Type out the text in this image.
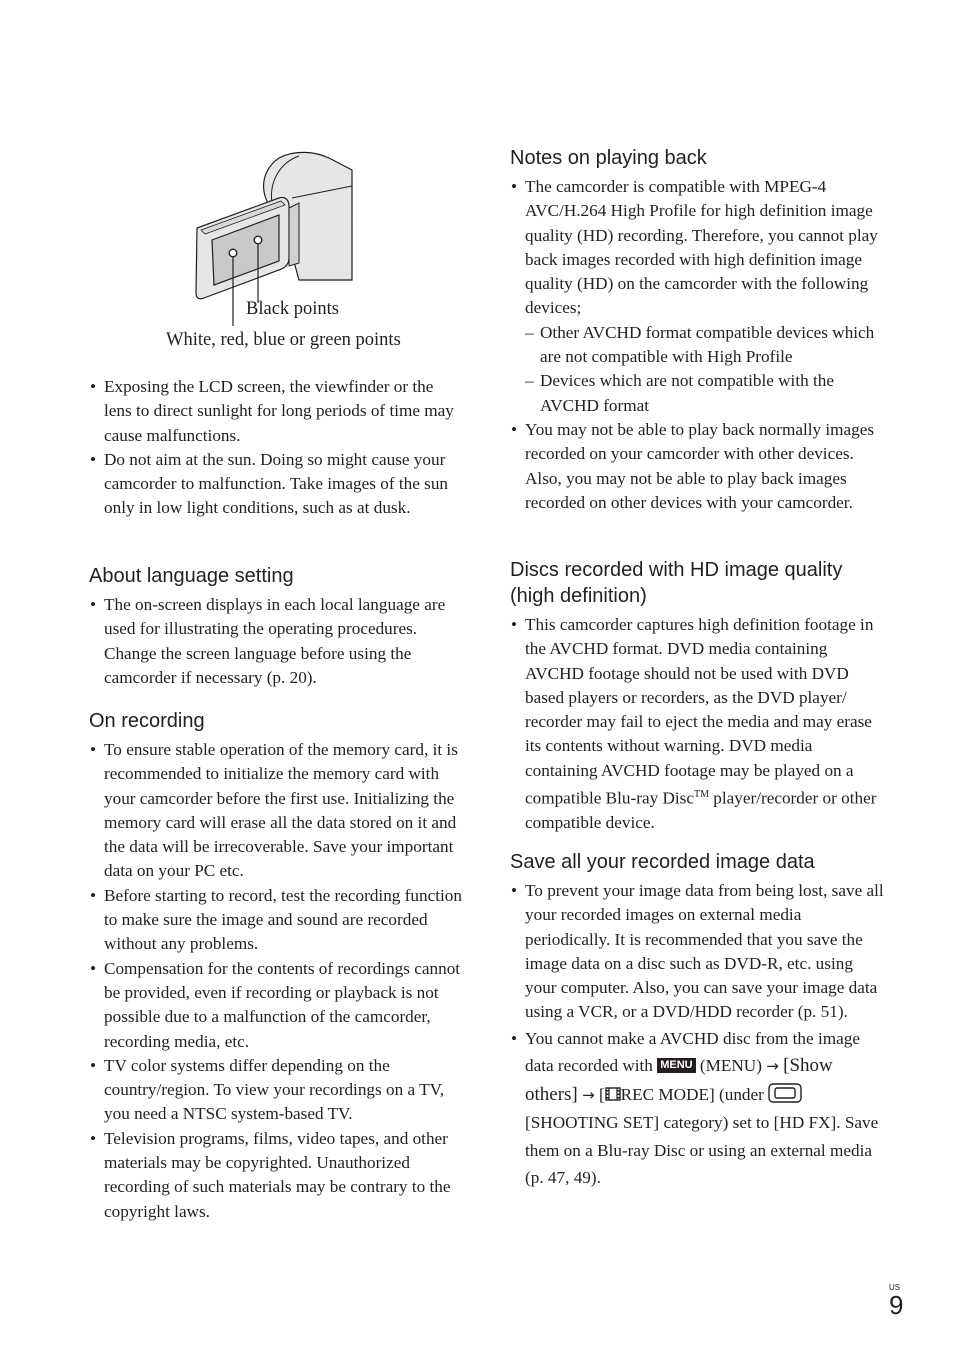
Black points
White, red, blue or green points
• Exposing the LCD screen, the viewfinder or the lens to direct sunlight for long periods of time may cause malfunctions.
• Do not aim at the sun. Doing so might cause your camcorder to malfunction. Take images of the sun only in low light conditions, such as at dusk.
About language setting
• The on-screen displays in each local language are used for illustrating the operating procedures. Change the screen language before using the camcorder if necessary (p. 20).
On recording
• To ensure stable operation of the memory card, it is recommended to initialize the memory card with your camcorder before the first use. Initializing the memory card will erase all the data stored on it and the data will be irrecoverable. Save your important data on your PC etc.
• Before starting to record, test the recording function to make sure the image and sound are recorded without any problems.
• Compensation for the contents of recordings cannot be provided, even if recording or playback is not possible due to a malfunction of the camcorder, recording media, etc.
• TV color systems differ depending on the country/region. To view your recordings on a TV, you need a NTSC system-based TV.
• Television programs, films, video tapes, and other materials may be copyrighted. Unauthorized recording of such materials may be contrary to the copyright laws.
Notes on playing back
• The camcorder is compatible with MPEG-4 AVC/H.264 High Profile for high definition image quality (HD) recording. Therefore, you cannot play back images recorded with high definition image quality (HD) on the camcorder with the following devices;
– Other AVCHD format compatible devices which are not compatible with High Profile
– Devices which are not compatible with the AVCHD format
• You may not be able to play back normally images recorded on your camcorder with other devices. Also, you may not be able to play back images recorded on other devices with your camcorder.
Discs recorded with HD image quality
(high definition)
• This camcorder captures high definition footage in the AVCHD format. DVD media containing AVCHD footage should not be used with DVD based players or recorders, as the DVD player/ recorder may fail to eject the media and may erase its contents without warning. DVD media containing AVCHD footage may be played on a compatible Blu-ray Disc™ player/recorder or other compatible device.
Save all your recorded image data
• To prevent your image data from being lost, save all your recorded images on external media periodically. It is recommended that you save the image data on a disc such as DVD-R, etc. using your computer. Also, you can save your image data using a VCR, or a DVD/HDD recorder (p. 51).
• You cannot make a AVCHD disc from the image data recorded with MENU (MENU) → [Show others] → [ REC MODE] (under [SHOOTING SET] category) set to [HD FX]. Save them on a Blu-ray Disc or using an external media (p. 47, 49).
US
9
